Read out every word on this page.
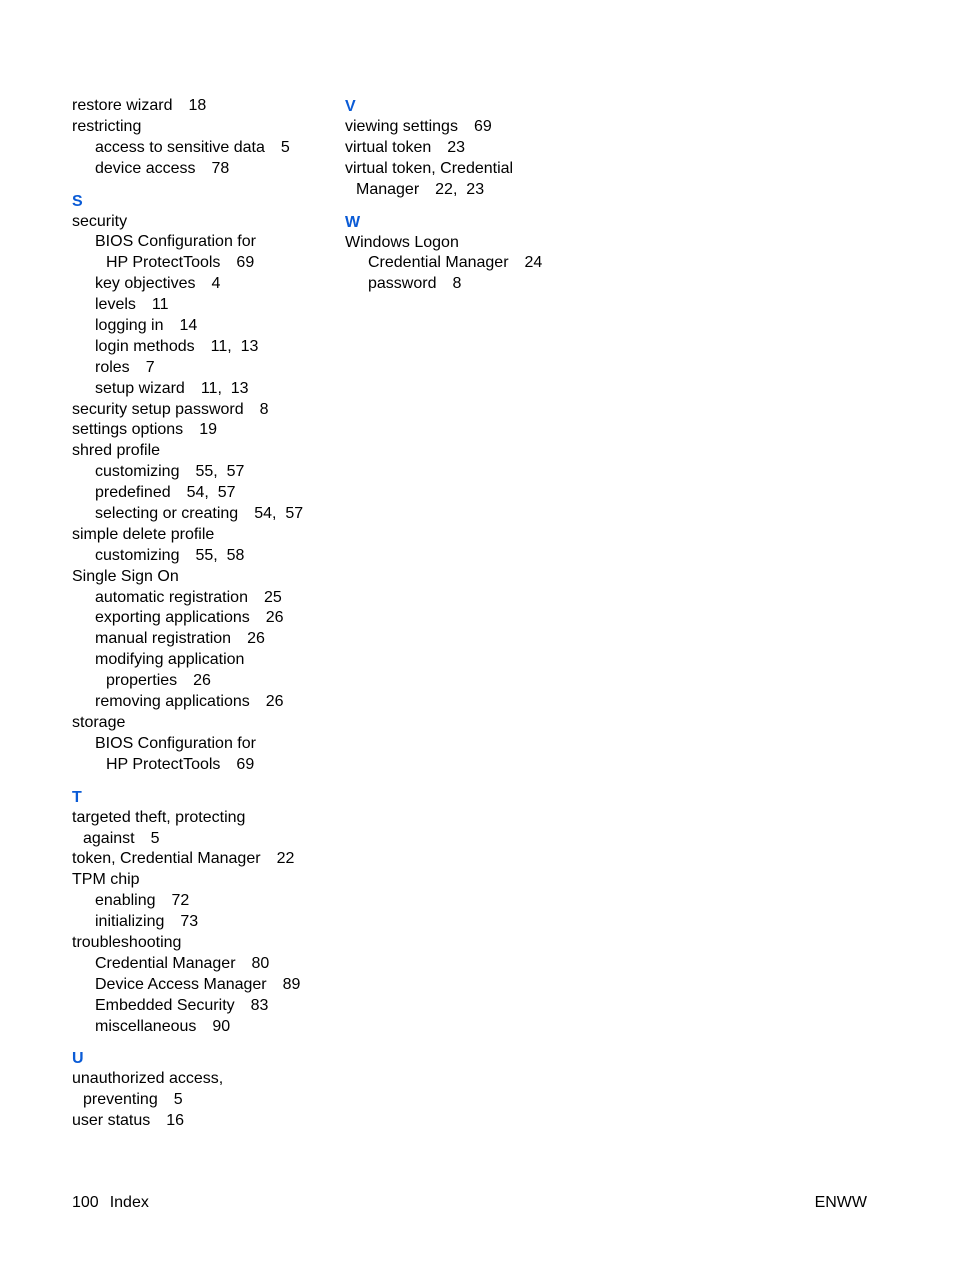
restore wizard 18
restricting
access to sensitive data 5
device access 78
S
security
BIOS Configuration for
HP ProtectTools 69
key objectives 4
levels 11
logging in 14
login methods 11,  13
roles 7
setup wizard 11,  13
security setup password 8
settings options 19
shred profile
customizing 55,  57
predefined 54,  57
selecting or creating 54,  57
simple delete profile
customizing 55,  58
Single Sign On
automatic registration 25
exporting applications 26
manual registration 26
modifying application
properties 26
removing applications 26
storage
BIOS Configuration for
HP ProtectTools 69
T
targeted theft, protecting
against 5
token, Credential Manager 22
TPM chip
enabling 72
initializing 73
troubleshooting
Credential Manager 80
Device Access Manager 89
Embedded Security 83
miscellaneous 90
U
unauthorized access,
preventing 5
user status 16
V
viewing settings 69
virtual token 23
virtual token, Credential
Manager 22,  23
W
Windows Logon
Credential Manager 24
password 8
100 Index	ENWW
